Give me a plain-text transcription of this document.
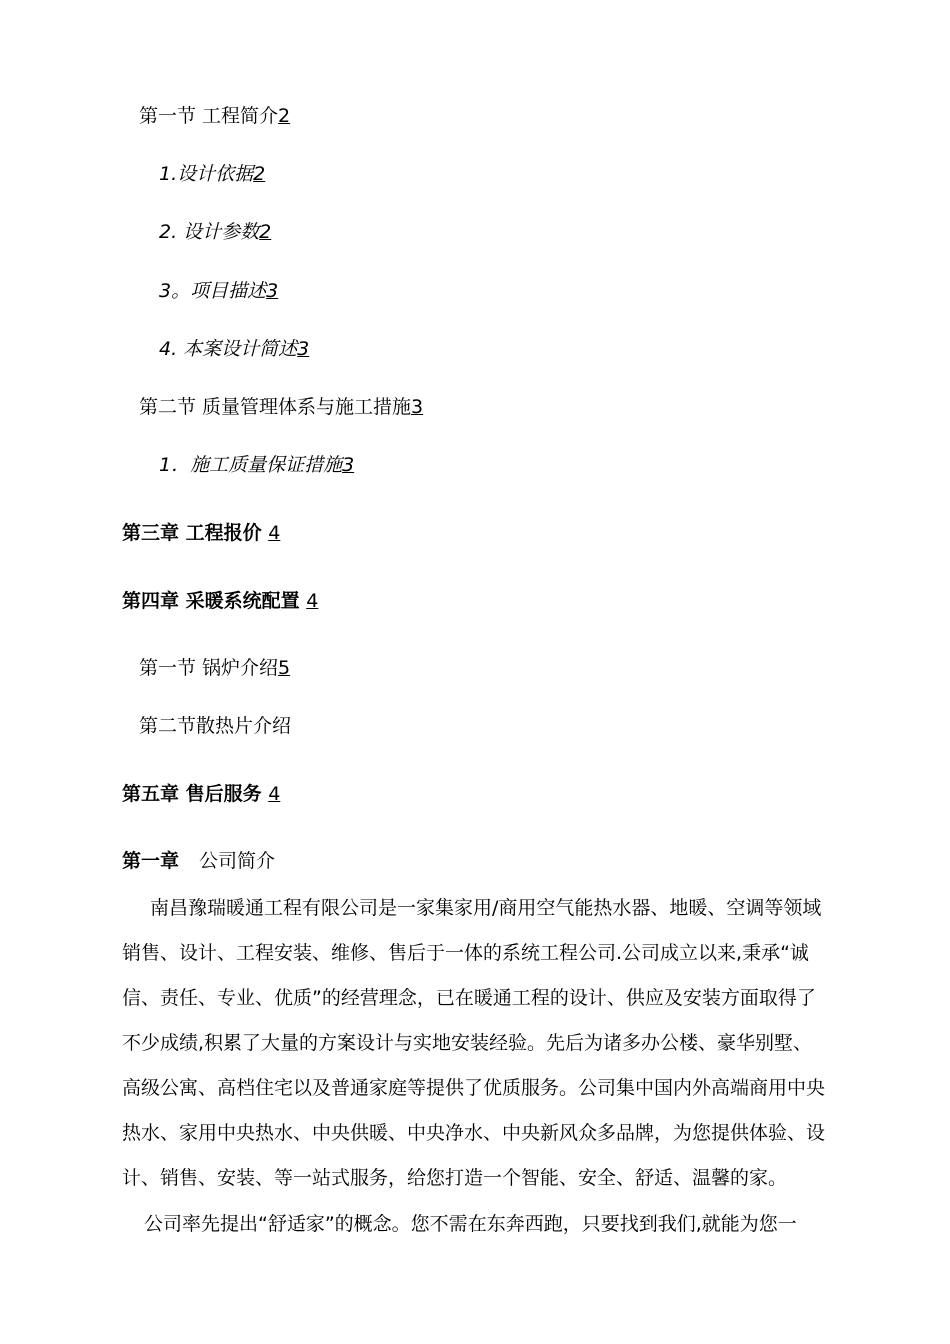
第一节 工程简介2
1.设计依据2
2. 设计参数2
3。项目描述3
4. 本案设计简述3
第二节 质量管理体系与施工措施3
1．施工质量保证措施3
第三章 工程报价 4
第四章 采暖系统配置 4
第一节 锅炉介绍5
第二节散热片介绍
第五章 售后服务 4
第一章 公司简介
南昌豫瑞暖通工程有限公司是一家集家用/商用空气能热水器、地暖、空调等领域
销售、设计、工程安装、维修、售后于一体的系统工程公司.公司成立以来,秉承“诚
信、责任、专业、优质”的经营理念，已在暖通工程的设计、供应及安装方面取得了
不少成绩,积累了大量的方案设计与实地安装经验。先后为诸多办公楼、豪华别墅、
高级公寓、高档住宅以及普通家庭等提供了优质服务。公司集中国内外高端商用中央
热水、家用中央热水、中央供暖、中央净水、中央新风众多品牌，为您提供体验、设
计、销售、安装、等一站式服务，给您打造一个智能、安全、舒适、温馨的家。
公司率先提出“舒适家”的概念。您不需在东奔西跑，只要找到我们,就能为您一
